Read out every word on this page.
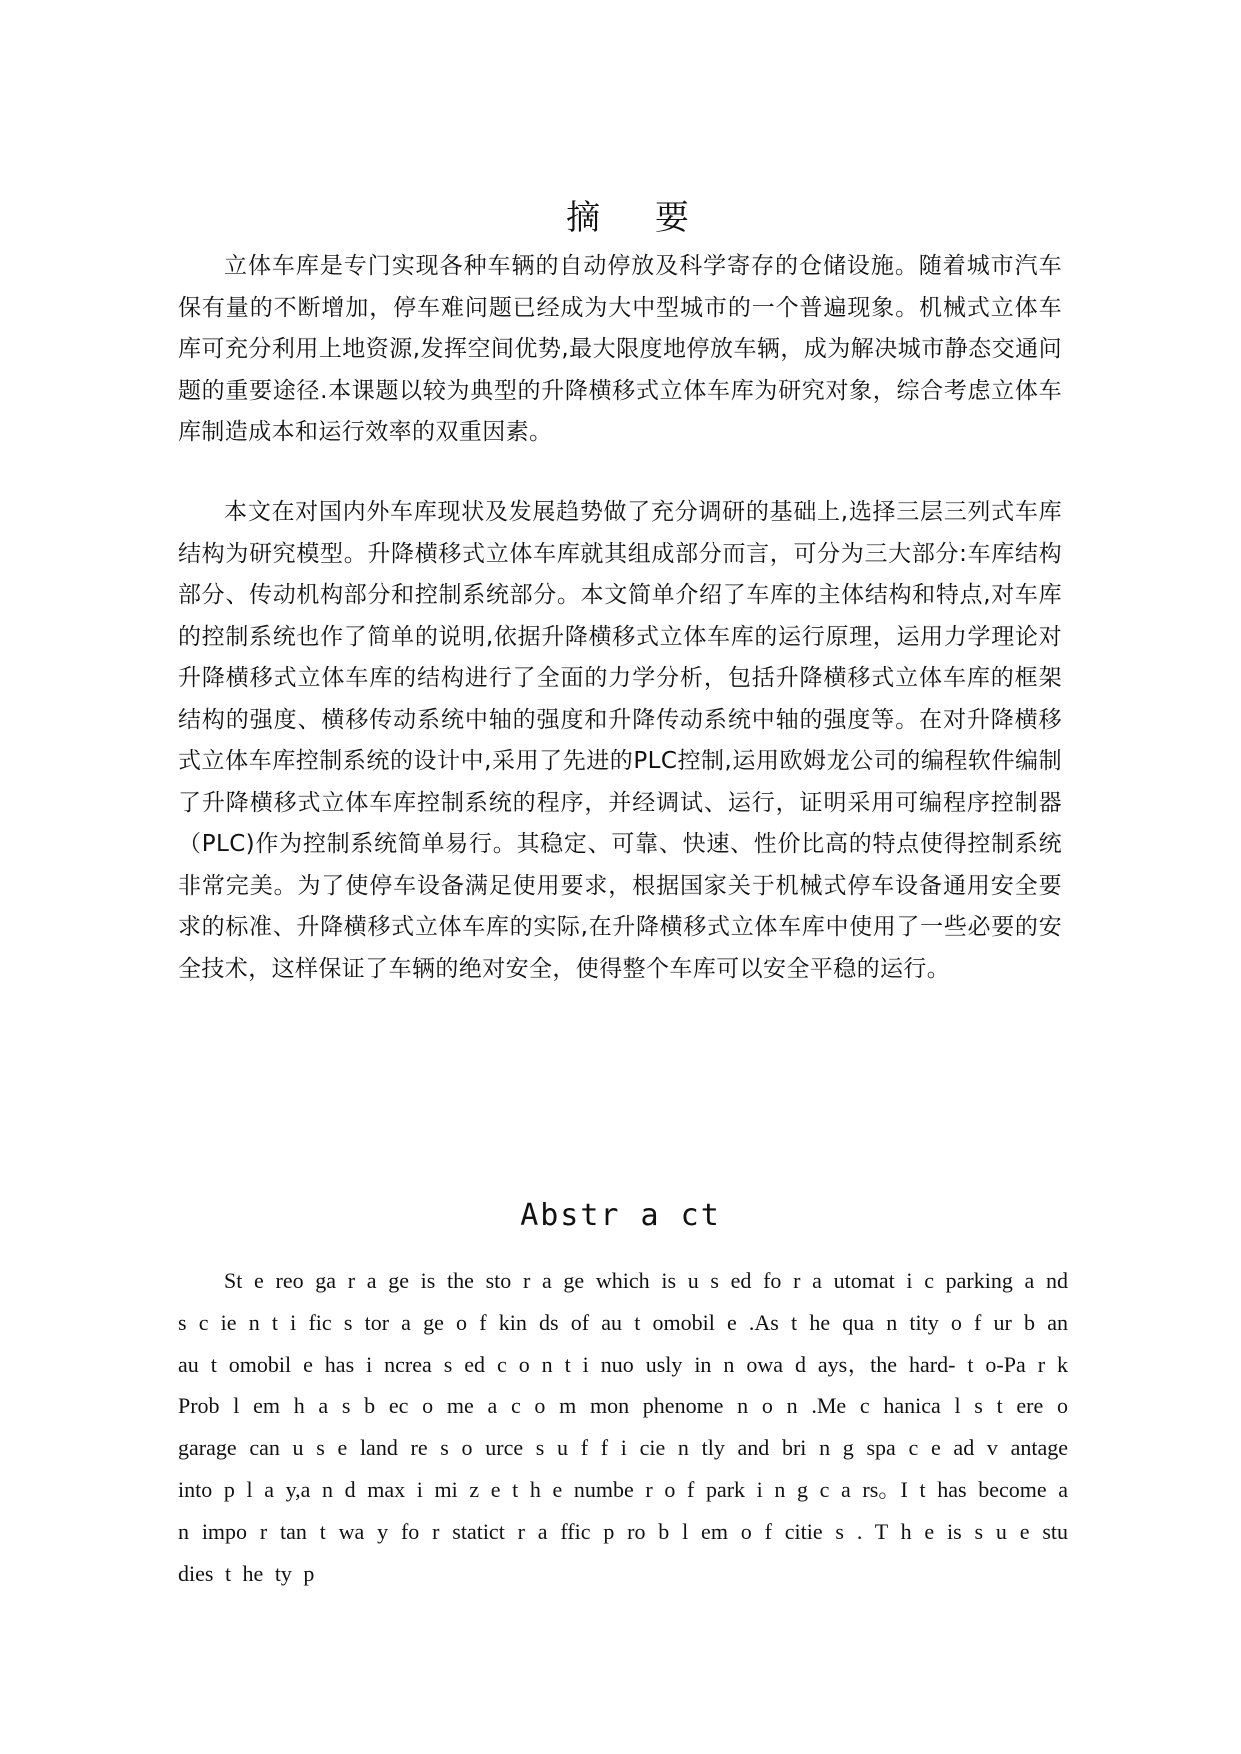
摘 要

立体车库是专门实现各种车辆的自动停放及科学寄存的仓储设施。随着城市汽车保有量的不断增加，停车难问题已经成为大中型城市的一个普遍现象。机械式立体车库可充分利用上地资源,发挥空间优势,最大限度地停放车辆，成为解决城市静态交通问题的重要途径.本课题以较为典型的升降横移式立体车库为研究对象，综合考虑立体车库制造成本和运行效率的双重因素。

本文在对国内外车库现状及发展趋势做了充分调研的基础上,选择三层三列式车库结构为研究模型。升降横移式立体车库就其组成部分而言，可分为三大部分:车库结构部分、传动机构部分和控制系统部分。本文简单介绍了车库的主体结构和特点,对车库的控制系统也作了简单的说明,依据升降横移式立体车库的运行原理，运用力学理论对升降横移式立体车库的结构进行了全面的力学分析，包括升降横移式立体车库的框架结构的强度、横移传动系统中轴的强度和升降传动系统中轴的强度等。在对升降横移式立体车库控制系统的设计中,采用了先进的PLC控制,运用欧姆龙公司的编程软件编制了升降横移式立体车库控制系统的程序，并经调试、运行，证明采用可编程序控制器（PLC)作为控制系统简单易行。其稳定、可靠、快速、性价比高的特点使得控制系统非常完美。为了使停车设备满足使用要求，根据国家关于机械式停车设备通用安全要求的标准、升降横移式立体车库的实际,在升降横移式立体车库中使用了一些必要的安全技术，这样保证了车辆的绝对安全，使得整个车库可以安全平稳的运行。

Abstr a ct

St e reo ga r a ge is the sto r a ge which is u s ed fo r a utomat i c parking a nd s c ie n t i fic s tor a ge o f kin ds of au t omobil e .As t he qua n tity o f ur b an au t omobil e has i ncrea s ed c o n t i nuo usly in n owa d ays，the hard- t o-Pa r k Prob l em h a s b ec o me a c o m mon phenome n o n .Me c hanica l s t ere o garage can u s e land re s o urce s u f f i cie n tly and bri n g spa c e ad v antage into p l a y,a n d max i mi z e t h e numbe r o f park i n g c a rs。I t has become a n impo r tan t wa y fo r statict r a ffic p ro b l em o f citie s . T h e is s u e stu dies t he ty p
